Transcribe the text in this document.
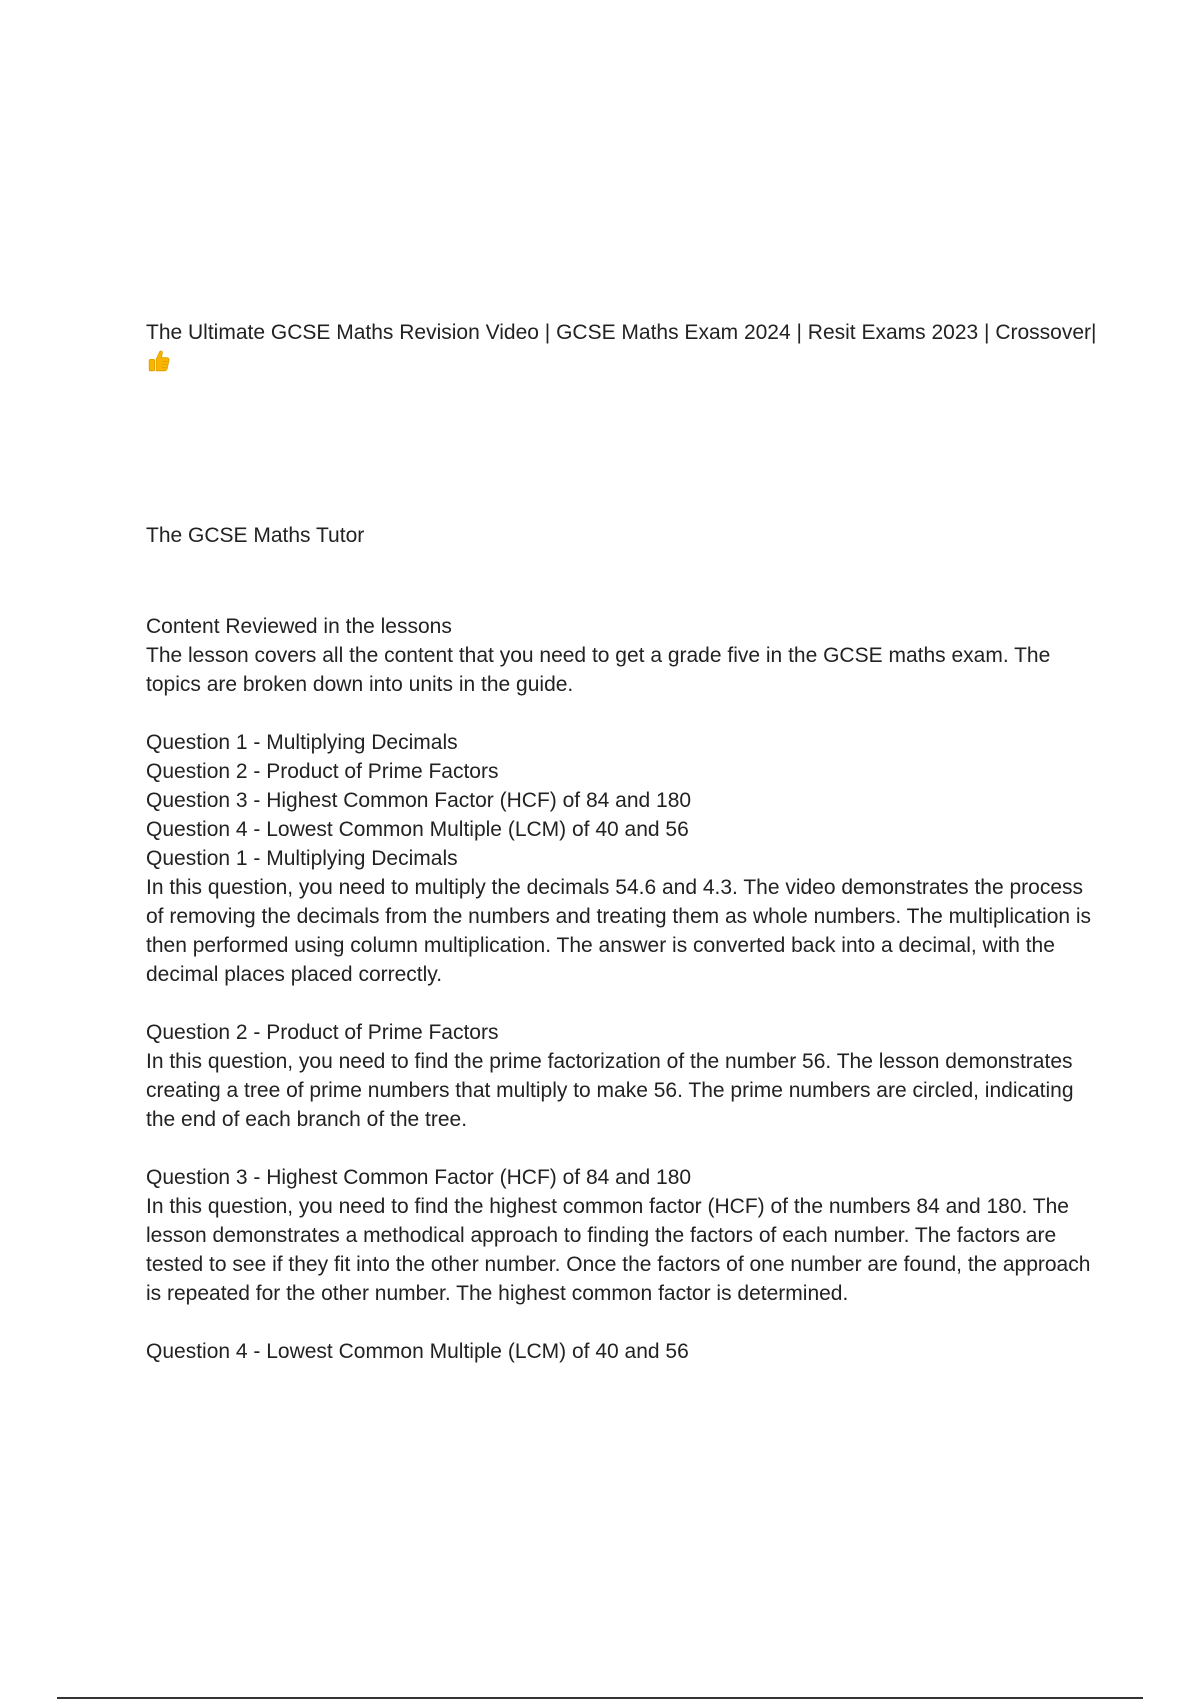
The Ultimate GCSE Maths Revision Video | GCSE Maths Exam 2024 | Resit Exams 2023 | Crossover|
The GCSE Maths Tutor
Content Reviewed in the lessons

The lesson covers all the content that you need to get a grade five in the GCSE maths exam. The topics are broken down into units in the guide.

Question 1 - Multiplying Decimals
Question 2 - Product of Prime Factors
Question 3 - Highest Common Factor (HCF) of 84 and 180
Question 4 - Lowest Common Multiple (LCM) of 40 and 56
Question 1 - Multiplying Decimals

In this question, you need to multiply the decimals 54.6 and 4.3. The video demonstrates the process of removing the decimals from the numbers and treating them as whole numbers. The multiplication is then performed using column multiplication. The answer is converted back into a decimal, with the decimal places placed correctly.

Question 2 - Product of Prime Factors

In this question, you need to find the prime factorization of the number 56. The lesson demonstrates creating a tree of prime numbers that multiply to make 56. The prime numbers are circled, indicating the end of each branch of the tree.

Question 3 - Highest Common Factor (HCF) of 84 and 180

In this question, you need to find the highest common factor (HCF) of the numbers 84 and 180. The lesson demonstrates a methodical approach to finding the factors of each number. The factors are tested to see if they fit into the other number. Once the factors of one number are found, the approach is repeated for the other number. The highest common factor is determined.

Question 4 - Lowest Common Multiple (LCM) of 40 and 56
